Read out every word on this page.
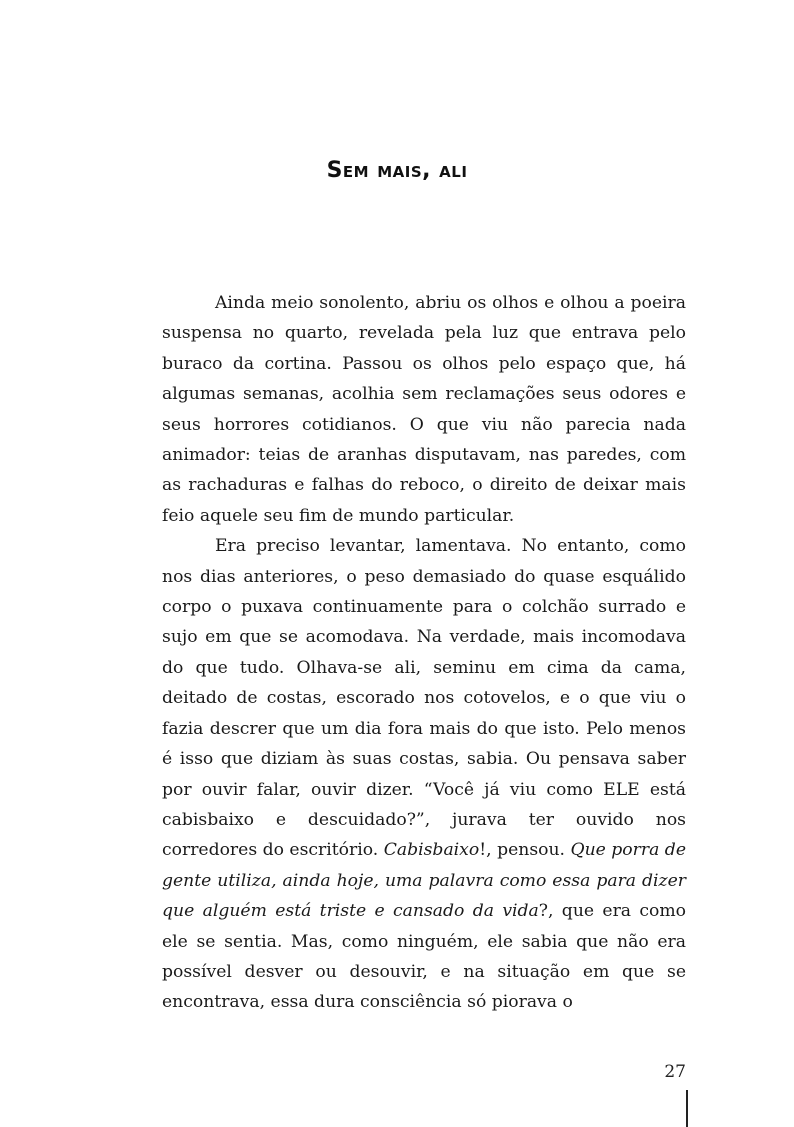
Sem mais, ali

Ainda meio sonolento, abriu os olhos e olhou a poeira suspensa no quarto, revelada pela luz que entrava pelo buraco da cortina. Passou os olhos pelo espaço que, há algumas semanas, acolhia sem reclamações seus odores e seus horrores cotidianos. O que viu não parecia nada animador: teias de aranhas disputavam, nas paredes, com as rachaduras e falhas do reboco, o direito de deixar mais feio aquele seu fim de mundo particular.

Era preciso levantar, lamentava. No entanto, como nos dias anteriores, o peso demasiado do quase esquálido corpo o puxava continuamente para o colchão surrado e sujo em que se acomodava. Na verdade, mais incomodava do que tudo. Olhava-se ali, seminu em cima da cama, deitado de costas, escorado nos cotovelos, e o que viu o fazia descrer que um dia fora mais do que isto. Pelo menos é isso que diziam às suas costas, sabia. Ou pensava saber por ouvir falar, ouvir dizer. “Você já viu como ELE está cabisbaixo e descuidado?”, jurava ter ouvido nos corredores do escritório. Cabisbaixo!, pensou. Que porra de gente utiliza, ainda hoje, uma palavra como essa para dizer que alguém está triste e cansado da vida?, que era como ele se sentia. Mas, como ninguém, ele sabia que não era possível desver ou desouvir, e na situação em que se encontrava, essa dura consciência só piorava o

27
